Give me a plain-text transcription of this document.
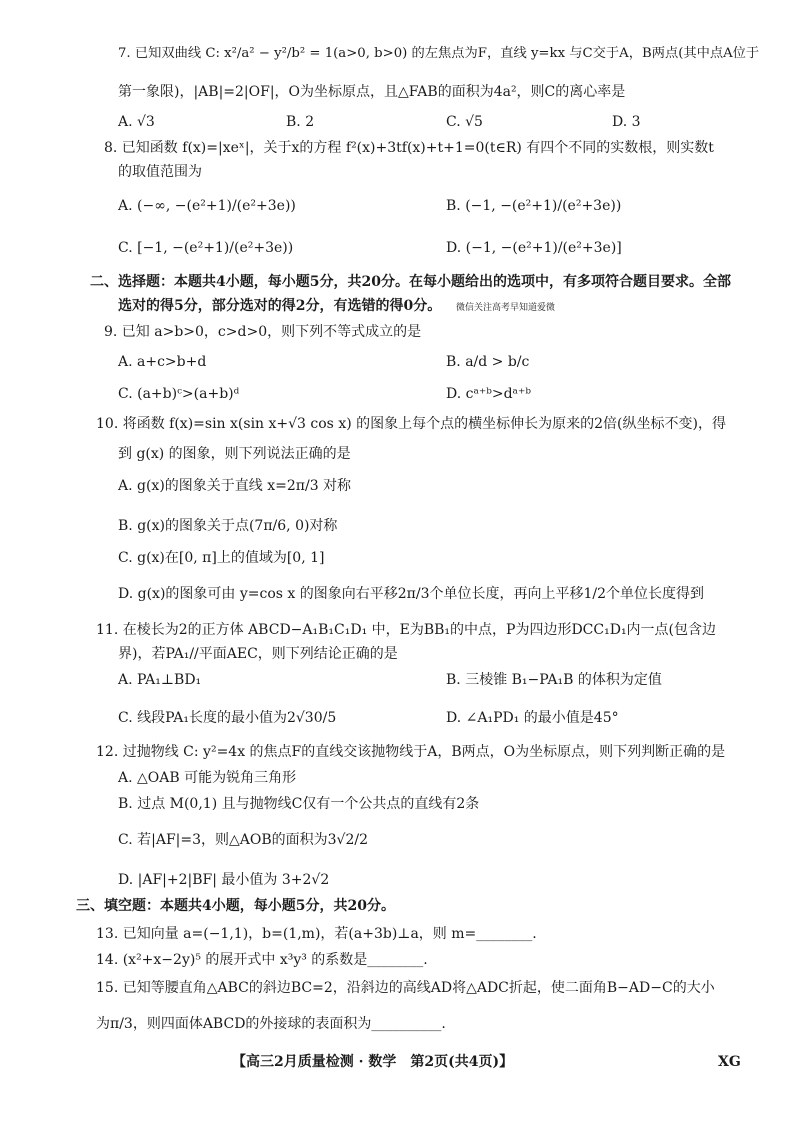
7. 已知双曲线 C: x²/a² − y²/b² = 1(a>0, b>0) 的左焦点为F，直线 y=kx 与C交于A，B两点(其中点A位于
第一象限)，|AB|=2|OF|，O为坐标原点，且△FAB的面积为4a²，则C的离心率是
A. √3	B. 2	C. √5	D. 3
8. 已知函数 f(x)=|xeˣ|，关于x的方程 f²(x)+3tf(x)+t+1=0(t∈R) 有四个不同的实数根，则实数t
的取值范围为
A. (−∞, −(e²+1)/(e²+3e))	B. (−1, −(e²+1)/(e²+3e))
C. [−1, −(e²+1)/(e²+3e))	D. (−1, −(e²+1)/(e²+3e)]
二、选择题：本题共4小题，每小题5分，共20分。在每小题给出的选项中，有多项符合题目要求。全部
选对的得5分，部分选对的得2分，有选错的得0分。 微信关注高考早知道爱微
9. 已知 a>b>0，c>d>0，则下列不等式成立的是
A. a+c>b+d	B. a/d > b/c
C. (a+b)ᶜ>(a+b)ᵈ	D. cᵃ⁺ᵇ>dᵃ⁺ᵇ
10. 将函数 f(x)=sin x(sin x+√3 cos x) 的图象上每个点的横坐标伸长为原来的2倍(纵坐标不变)，得
到 g(x) 的图象，则下列说法正确的是
A. g(x)的图象关于直线 x=2π/3 对称
B. g(x)的图象关于点(7π/6, 0)对称
C. g(x)在[0, π]上的值域为[0, 1]
D. g(x)的图象可由 y=cos x 的图象向右平移2π/3个单位长度，再向上平移1/2个单位长度得到
11. 在棱长为2的正方体 ABCD−A₁B₁C₁D₁ 中，E为BB₁的中点，P为四边形DCC₁D₁内一点(包含边
界)，若PA₁//平面AEC，则下列结论正确的是
A. PA₁⊥BD₁	B. 三棱锥 B₁−PA₁B 的体积为定值
C. 线段PA₁长度的最小值为2√30/5	D. ∠A₁PD₁ 的最小值是45°
12. 过抛物线 C: y²=4x 的焦点F的直线交该抛物线于A，B两点，O为坐标原点，则下列判断正确的是
A. △OAB 可能为锐角三角形
B. 过点 M(0,1) 且与抛物线C仅有一个公共点的直线有2条
C. 若|AF|=3，则△AOB的面积为3√2/2
D. |AF|+2|BF| 最小值为 3+2√2
三、填空题：本题共4小题，每小题5分，共20分。
13. 已知向量 a=(−1,1)，b=(1,m)，若(a+3b)⊥a，则 m=________.
14. (x²+x−2y)⁵ 的展开式中 x³y³ 的系数是________.
15. 已知等腰直角△ABC的斜边BC=2，沿斜边的高线AD将△ADC折起，使二面角B−AD−C的大小
为π/3，则四面体ABCD的外接球的表面积为__________.
【高三2月质量检测 · 数学　第2页(共4页)】	XG
